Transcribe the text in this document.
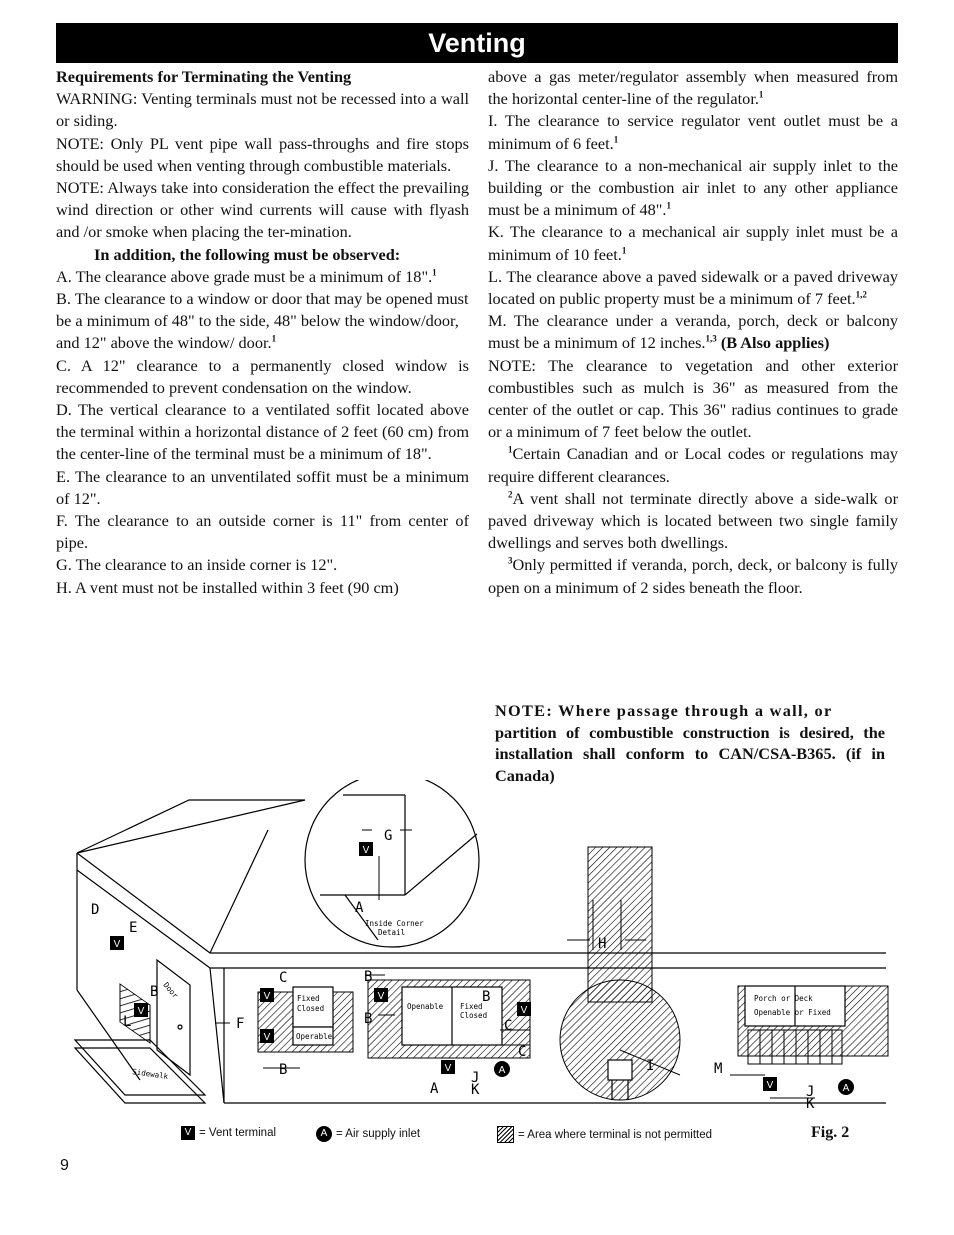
Venting

Requirements for Terminating the Venting

WARNING: Venting terminals must not be recessed into a wall or siding.

NOTE: Only PL vent pipe wall pass-throughs and fire stops should be used when venting through combustible materials.

NOTE: Always take into consideration the effect the prevailing wind direction or other wind currents will cause with flyash and /or smoke when placing the ter-mination.

In addition, the following must be observed:

A. The clearance above grade must be a minimum of 18".$^1$

B. The clearance to a window or door that may be opened must be a minimum of 48" to the side, 48" below the window/door, and 12" above the window/ door.$^1$

C. A 12" clearance to a permanently closed window is recommended to prevent condensation on the window.

D. The vertical clearance to a ventilated soffit located above the terminal within a horizontal distance of 2 feet (60 cm) from the center-line of the terminal must be a minimum of 18".

E. The clearance to an unventilated soffit must be a minimum of 12".

F. The clearance to an outside corner is 11" from center of pipe.

G. The clearance to an inside corner is 12".

H. A vent must not be installed within 3 feet (90 cm)

above a gas meter/regulator assembly when measured from the horizontal center-line of the regulator.$^1$

I. The clearance to service regulator vent outlet must be a minimum of 6 feet.$^1$

J. The clearance to a non-mechanical air supply inlet to the building or the combustion air inlet to any other appliance must be a minimum of 48".$^1$

K. The clearance to a mechanical air supply inlet must be a minimum of 10 feet.$^1$

L. The clearance above a paved sidewalk or a paved driveway located on public property must be a minimum of 7 feet.$^{1,2}$

M. The clearance under a veranda, porch, deck or balcony must be a minimum of 12 inches.$^{1,3}$ (B Also applies)

NOTE: The clearance to vegetation and other exterior combustibles such as mulch is 36" as measured from the center of the outlet or cap. This 36" radius continues to grade or a minimum of 7 feet below the outlet.

$^1$Certain Canadian and or Local codes or regulations may require different clearances.

$^2$A vent shall not terminate directly above a side-walk or paved driveway which is located between two single family dwellings and serves both dwellings.

$^3$Only permitted if veranda, porch, deck, or balcony is fully open on a minimum of 2 sides beneath the floor.

NOTE: Where passage through a wall, or
partition of combustible construction is desired, the installation shall conform to CAN/CSA-B365. (if in Canada)
V
V
V
V
V
V
V
V
V
A
A
G
A
D
E
B
L	F
C
B
B
B
B
C
C
A
J
K
H
I	M
J
K
Inside Corner
Detail
Door
Sidewalk
Fixed
Closed
Operable
Openable Fixed
Closed
Porch or Deck
Openable or Fixed
V = Vent terminal	A = Air supply inlet	= Area where terminal is not permitted	Fig. 2
9
